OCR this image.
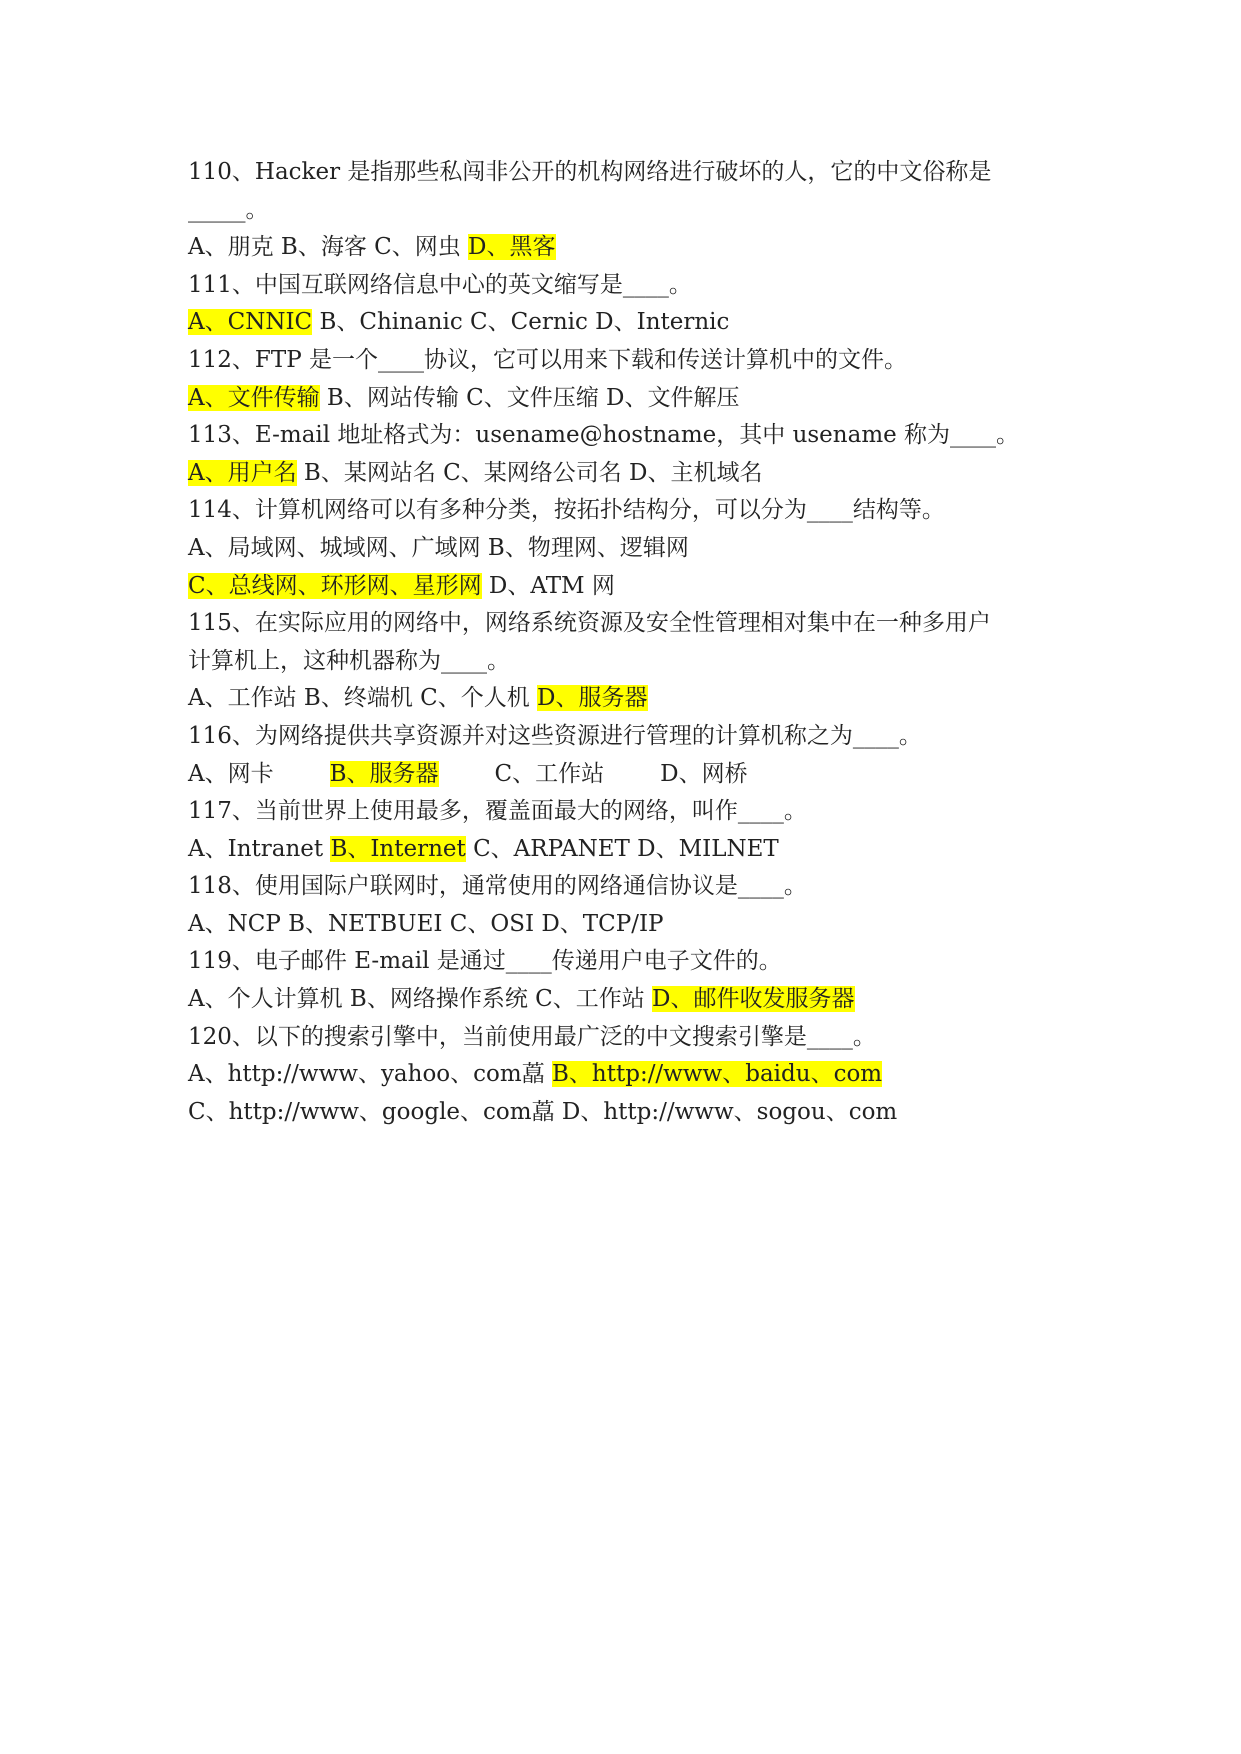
110、Hacker 是指那些私闯非公开的机构网络进行破坏的人，它的中文俗称是
_____。
A、朋克 B、海客 C、网虫 D、黑客
111、中国互联网络信息中心的英文缩写是____。
A、CNNIC B、Chinanic C、Cernic D、Internic
112、FTP 是一个____协议，它可以用来下载和传送计算机中的文件。
A、文件传输 B、网站传输 C、文件压缩 D、文件解压
113、E-mail 地址格式为：usename@hostname，其中 usename 称为____。
A、用户名 B、某网站名 C、某网络公司名 D、主机域名
114、计算机网络可以有多种分类，按拓扑结构分，可以分为____结构等。
A、局域网、城域网、广域网 B、物理网、逻辑网
C、总线网、环形网、星形网 D、ATM 网
115、在实际应用的网络中，网络系统资源及安全性管理相对集中在一种多用户
计算机上，这种机器称为____。
A、工作站 B、终端机 C、个人机 D、服务器
116、为网络提供共享资源并对这些资源进行管理的计算机称之为____。
A、网卡 B、服务器 C、工作站 D、网桥
117、当前世界上使用最多，覆盖面最大的网络，叫作____。
A、Intranet B、Internet C、ARPANET D、MILNET
118、使用国际户联网时，通常使用的网络通信协议是____。
A、NCP B、NETBUEI C、OSI D、TCP/IP
119、电子邮件 E-mail 是通过____传递用户电子文件的。
A、个人计算机 B、网络操作系统 C、工作站 D、邮件收发服务器
120、以下的搜索引擎中，当前使用最广泛的中文搜索引擎是____。
A、http://www、yahoo、com藠 B、http://www、baidu、com
C、http://www、google、com藠 D、http://www、sogou、com
